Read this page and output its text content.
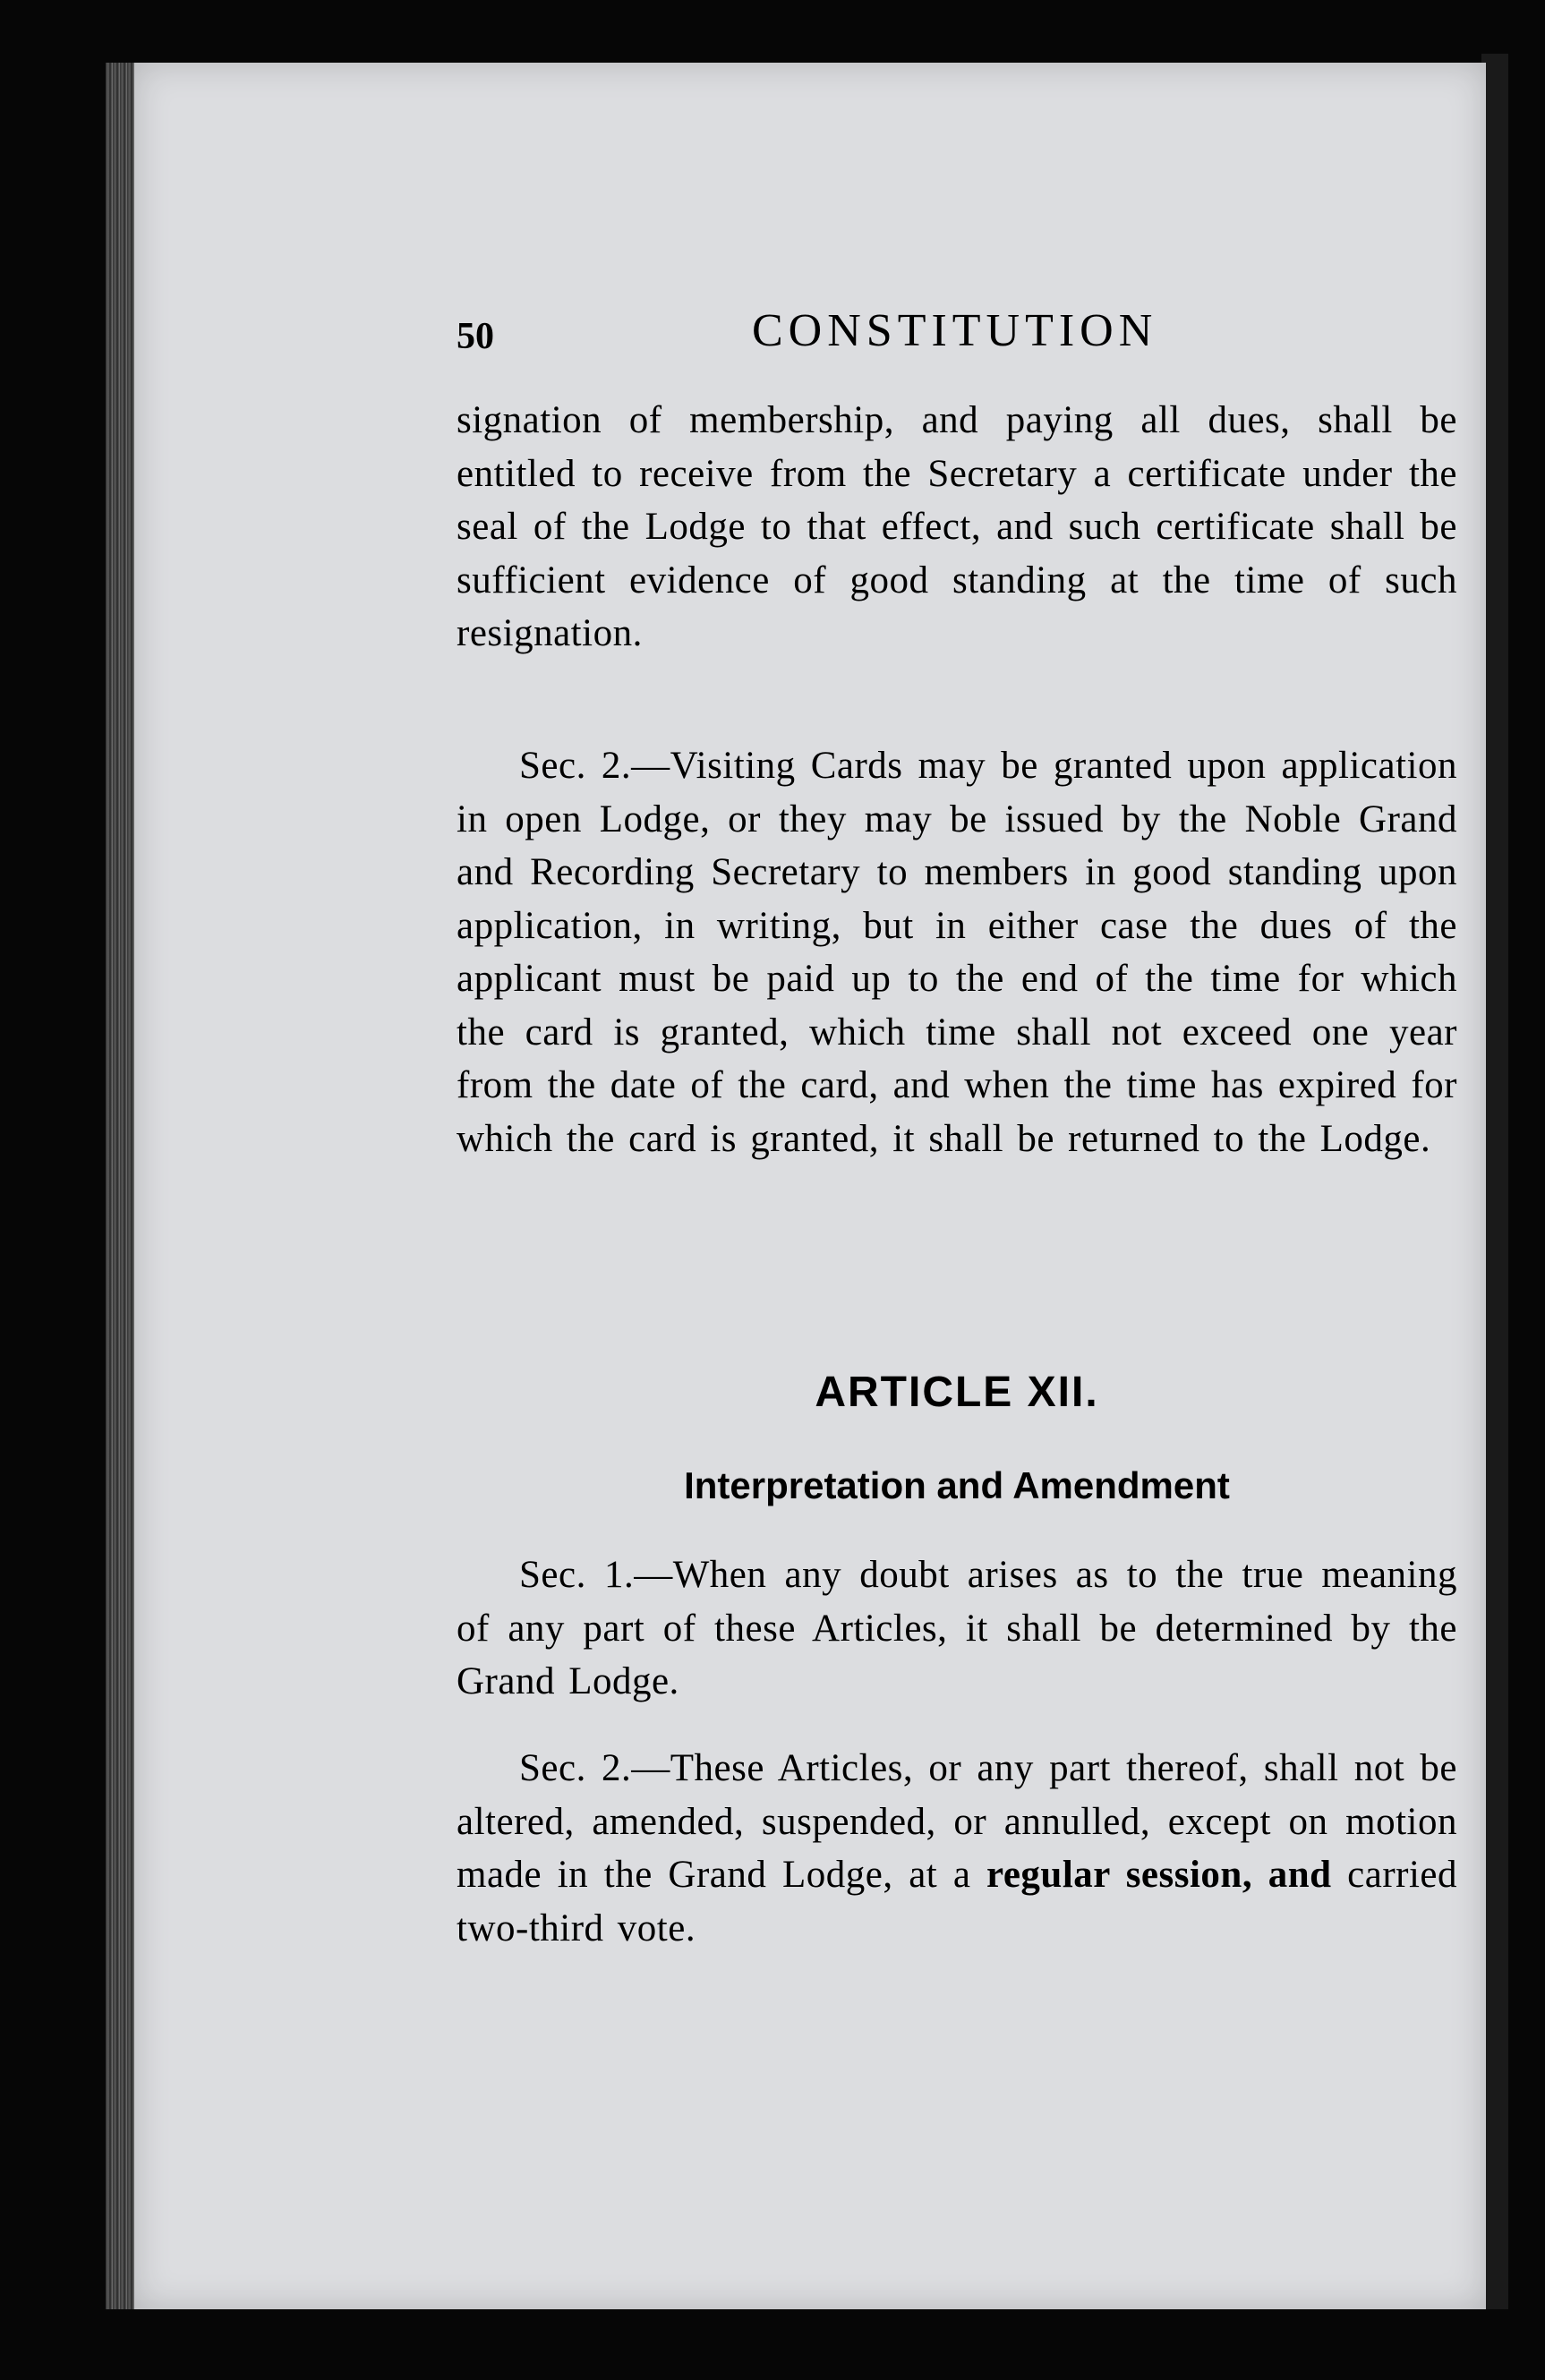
50	CONSTITUTION

signation of membership, and paying all dues, shall be entitled to receive from the Secretary a certificate under the seal of the Lodge to that effect, and such certificate shall be sufficient evidence of good standing at the time of such resignation.

Sec. 2.—Visiting Cards may be granted upon application in open Lodge, or they may be issued by the Noble Grand and Recording Secretary to members in good standing upon application, in writing, but in either case the dues of the applicant must be paid up to the end of the time for which the card is granted, which time shall not exceed one year from the date of the card, and when the time has expired for which the card is granted, it shall be returned to the Lodge.

ARTICLE XII.
Interpretation and Amendment

Sec. 1.—When any doubt arises as to the true meaning of any part of these Articles, it shall be determined by the Grand Lodge.

Sec. 2.—These Articles, or any part thereof, shall not be altered, amended, suspended, or annulled, except on motion made in the Grand Lodge, at a regular session, and carried two-third vote.
